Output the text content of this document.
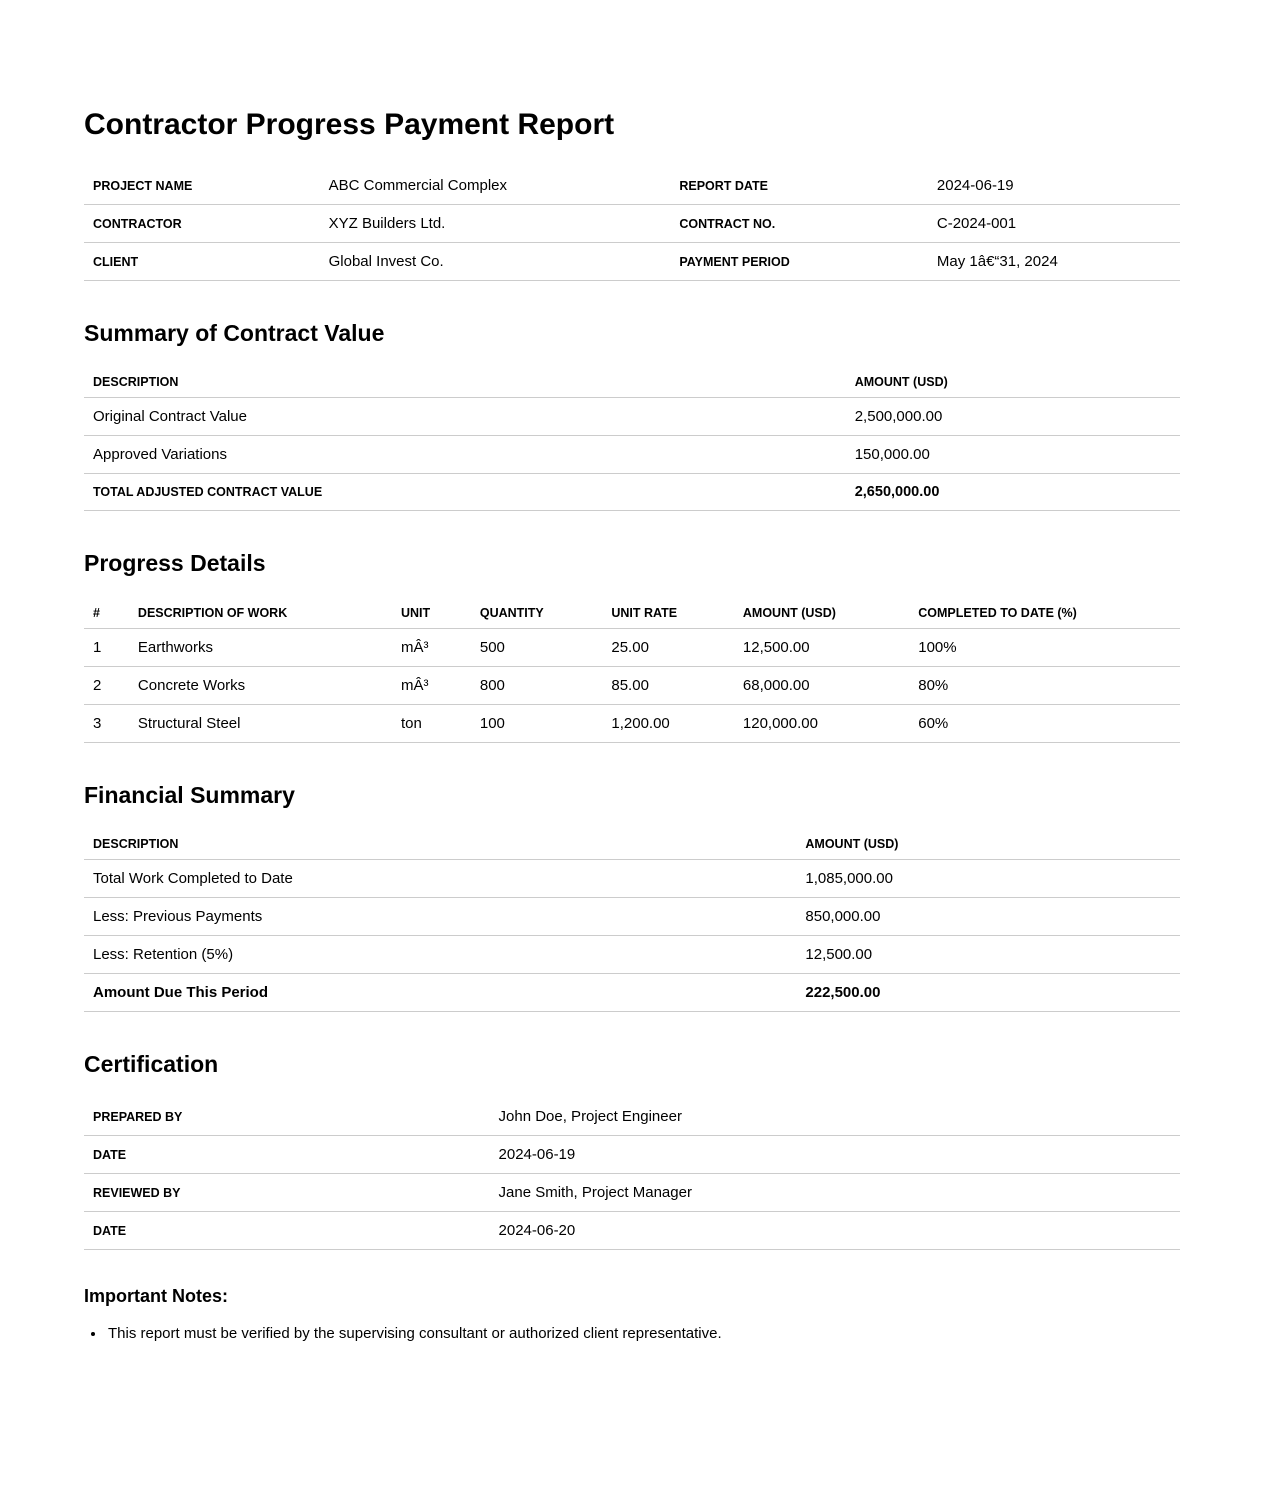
Contractor Progress Payment Report
PROJECT NAME	ABC Commercial Complex	REPORT DATE	2024-06-19
CONTRACTOR	XYZ Builders Ltd.	CONTRACT NO.	C-2024-001
CLIENT	Global Invest Co.	PAYMENT PERIOD	May 1â€“31, 2024
Summary of Contract Value
DESCRIPTION	AMOUNT (USD)
Original Contract Value	2,500,000.00
Approved Variations	150,000.00
TOTAL ADJUSTED CONTRACT VALUE	2,650,000.00
Progress Details
#	DESCRIPTION OF WORK	UNIT	QUANTITY	UNIT RATE	AMOUNT (USD)	COMPLETED TO DATE (%)
1	Earthworks	mÂ³	500	25.00	12,500.00	100%
2	Concrete Works	mÂ³	800	85.00	68,000.00	80%
3	Structural Steel	ton	100	1,200.00	120,000.00	60%
Financial Summary
DESCRIPTION	AMOUNT (USD)
Total Work Completed to Date	1,085,000.00
Less: Previous Payments	850,000.00
Less: Retention (5%)	12,500.00
Amount Due This Period	222,500.00
Certification
PREPARED BY	John Doe, Project Engineer
DATE	2024-06-19
REVIEWED BY	Jane Smith, Project Manager
DATE	2024-06-20
Important Notes:
• This report must be verified by the supervising consultant or authorized client representative.
